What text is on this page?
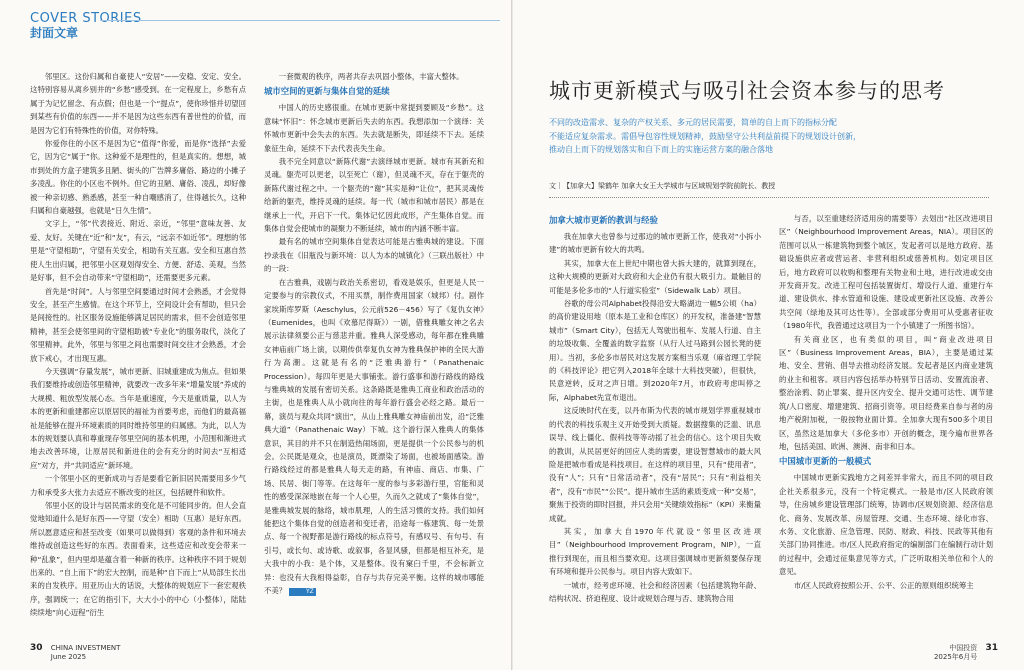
COVER STORIES
封面文章

邻里区。这份归属和自豪使人“安居”——安稳、安定、安全。这特别容易从离乡别井的“乡愁”感受到。在一定程度上，乡愁有点属于为记忆留念、有点假；但也是一个“提点”，使你珍惜并切望回到某些有价值的东西——并不是因为这些东西有普世性的价值，而是因为它们有特殊性的价值，对你特殊。

你爱你住的小区不是因为它“值得”你爱，而是你“选择”去爱它，因为它“属于”你。这种爱不是理性的，但是真实的。想想，城市到处的方盒子建筑多且陋、街头的广告牌多庸俗、路边的小摊子多凌乱。你住的小区也不例外。但它的丑陋、庸俗、凌乱，却好像被一种亲切感、熟悉感，甚至一种自嘲感消了，住得越长久，这种归属和自豪越强，也就是“日久生情”。

文字上，“邻”代表接近、附近、亲近，“邻里”意味友善、友爱、友好。关键在“近”和“友”，有云，“远亲不如近邻”。理想的邻里是“守望相助”，守望有关安全，相助有关互惠。安全和互惠自然使人生出归属，把邻里小区观划得安全、方便、舒适、美观，当然是好事，但不会自动带来“守望相助”，还需要更多元素。

首先是“时间”。人与邻里空间要通过时间才会熟悉，才会觉得安全，甚至产生感情。在这个环节上，空间设计会有帮助，但只会是间接性的。社区服务设施能够满足居民的需求，但不会创造邻里精神，甚至会使邻里间的守望相助被“专业化”的服务取代，淡化了邻里精神。此外，邻里与邻里之间也需要时间交往才会熟悉，才会放下戒心，才出现互惠。

今天强调“存量发展”，城市更新、旧城重建成为焦点。但如果我们要维持或创造邻里精神，就要改一改多年来“增量发展”养成的大规模、粗放型发展心态。当年是重速度，今天是重质量，以人为本的更新和重建都应以原居民的福祉为首要考虑，而他们的最高福祉是能够在提升环境素质的同时维持邻里的归属感。为此，以人为本的规划要认真和尊重现存邻里空间的基本机理，小范围和渐进式地去改善环境，让原居民和新进住的会有充分的时间去“互相适应”对方，并“共同适应”新环境。

一个邻里小区的更新成功与否是要看它新旧居民需要用多少气力和承受多大张力去适应不断改变的社区，包括硬件和软件。

邻里小区的设计与居民需求的变化是不可能同步的。但人会直觉地知道什么是好东西——守望（安全）相助（互惠）是好东西。所以愿意适应和甚至改变（如果可以做得到）客观的条件和环境去维持或创造这些好的东西。表面看来，这些适应和改变会带来一种“乱象”，但内里却是蕴含着一种新的秩序。这种秩序不同于规划出来的、“自上而下”的宏大控制，而是种“自下而上”从局部生长出来的自发秩序。用亚历山大的话说，大整体的规划应下一套宏观秩序，强调统一；在它的指引下，大大小小的中心（小整体），陆陆续续地“向心迈程”衍生

一套微观的秩序，两者共存去巩固小整体，丰富大整体。

城市空间的更新与集体自觉的延续

中国人的历史感很重。在城市更新中常提到要顾及“乡愁”。这意味“怀旧”：怀念城市更新后失去的东西。我想添加一个演绎：关怀城市更新中会失去的东西。失去就是断失，即延续不下去。延续象征生命，延续不下去代表丧失生命。

我不完全同意以“新陈代谢”去演绎城市更新。城市有其新充和灵魂。躯壳可以更老，以至死亡（谢），但灵魂不灭，存在于躯壳的新陈代谢过程之中。一个躯壳的“谢”其实是种“让位”，把其灵魂传给新的躯壳，维持灵魂的延续。每一代（城市和城市居民）都是在继承上一代，开启下一代。集体记忆因此成形，产生集体自觉。而集体自觉会使城市的凝聚力不断延续，城市的内涵不断丰富。

最有名的城市空间集体自觉表达可能是古雅典城的建设。下面抄录我在《旧瓶没与新环境：以人为本的城镇化》（三联出版社）中的一段：

在古雅典，戏剧与政治关系密切，看戏是娱乐，但更是人民一定要参与的宗教仪式，不用买票，制作费用国家（城邦）付。剧作家埃斯库罗斯（Aeschylus，公元前526－456）写了《复仇女神》（Eumenides，也叫《欢慕尼得斯》）一剧，借雅典雕女神之名去展示法律须要公正与慈悲并重。雅典人深受感动，每年都在雅典雕女神庙前广场上演，以期传供奉复仇女神为雅典保护神的全民大游行为高潮。这就是有名的“泛雅典游行”（Panathenaic Procession）。每四年更是大事铺张。游行盛事和游行路线的路线与雅典城的发展有密切关系。这条路既是雅典工商业和政治活动的主街，也是雅典人从小就向往的每年游行盛会必经之路。最后一幕，演员与观众共同“演出”，从山上雅典雕女神庙前出发，沿“泛雅典大道”（Panathenaic Way）下城。这个游行深入雅典人的集体意识，其目的并不只在制造热闹场面，更是提供一个公民参与的机会。公民既是观众，也是演员，既漂染了场面，也被场面感染。游行路线经过的都是雅典人每天走的路，有神庙、商店、市集、广场、民居、街门等等。在这每年一度的参与多彩游行里，官能和灵性的感受深深地嵌在每一个人心里，久而久之就成了“集体自觉”，是雅典城发展的脉络，城市肌理，人的生活习惯的支持。我们如何能把这个集体自觉的创造者和变迁者，沿途每一栋建筑、每一处景点、每一个视野都是游行路线的标点符号，有感叹号、有句号、有引号，或长句、或诗歌、或叙事，各显风骚，但都是相互补充，是大我中的小我：是个体，又是整体。没有窠臼千里，不会标新立异：也没有大我相得益彰，自存与共存完美平衡。这样的城市哪能不美？	YZ

30 CHINA INVESTMENT
June 2025
城市更新模式与吸引社会资本参与的思考
不同的改造需求、复杂的产权关系、多元的居民需要，简单的自上而下的指标分配
不能适应复杂需求。需倡导包容性规划精神，鼓励坚守公共利益前提下的规划设计创新，
推动自上而下的规划落实和自下而上的实施运营方案的融合落地
文｜【加拿大】梁鹤年 加拿大女王大学城市与区域规划学院前院长、教授
加拿大城市更新的教训与经验

我在加拿大也曾参与过那边的城市更新工作，使我对“小拆小建”的城市更新有较大的共鸣。

其实，加拿大在上世纪中期也曾大拆大建的，就算到现在，这种大规模的更新对大政府和大企业仍有很大吸引力。最触目的可能是多伦多市的“人行道实验室”（Sidewalk Lab）项目。

谷歌的母公司Alphabet投得沿安大略湖边一幅5公顷（ha）的高价建设用地（原本是工业和仓库区）的开发权，准备建“智慧城市”（Smart City），包括无人驾驶出租车、发展人行道、自主的垃圾收集、全覆盖的数字监察（从行人过马路到公园长凳的使用）。当初，多伦多市居民对这发展方案相当乐观（麻省理工学院的《科技评论》把它列入2018年全球十大科技突破），但很快，民意逆转，反对之声日增。到2020年7月，市政府考虑叫停之际，Alphabet先宣布退出。

这反映时代在变，以丹布斯为代表的城市规划学界重视城市的代表的科技乐观主义开始受到大质疑。数据搜集的泛滥、讯息误导、线上僵化、假科技等等动摇了社会的信心。这个项目失败的教训，从民居更好的回应人类的需要，建设智慧城市的最大风险是把城市看成是科技项目。在这样的项目里，只有“使用者”，没有“人”；只有“日常活动者”，没有“居民”；只有“利益相关者”，没有“市民”“公民”。提升城市生活的素质变成一种“交易”，聚焦于投资的即时回报，并只会用“关键绩效指标”（KPI）来衡量成就。

其实，加拿大自1970年代就设“邻里区改进项目”（Neighbourhood Improvement Program，NIP），一直推行到现在，而且相当要欢迎。这项目强调城市更新须要保存现有环境和提升公民参与。项目内容大致如下。

一城市，经考虑环境、社会和经济因素（包括建筑物年龄、结构状况、挤迫程度、设计或规划合理与否、建筑物合用

与否，以至重建经济适用房的需要等）去划出“社区改进项目区”（Neighbourhood Improvement Areas，NIA）。项目区的范围可以从一栋建筑物到整个城区，发起者可以是地方政府、基础设施供应者或营运者、非营利组织或慈善机构。划定项目区后，地方政府可以收购和整理有关物业和土地，进行改进或交由开发商开发。改进工程可包括装置街灯、增设行人道、重建行车道、建设供水、排水管道和设施、建设或更新社区设施、改善公共空间（绿地及其可达性等）。全部或部分费用可从受惠者征收（1980年代，我曾通过这项目为一个小镇建了一所图书馆）。

有关商业区，也有类似的项目，叫“商业改进项目区”（Business Improvement Areas，BIA），主要是通过某地、安全、营销、倡导去推动经济发展。发起者是区内商业建筑的业主和租客。项目内容包括举办特别节日活动、安置流浪者、整治涂鸦、防止罪案、提升区内安全、提升交通可达性、调节建筑/人口密度、增建建筑、招商引资等。项目经费来自参与者的房地产税附加税，一般按物业面计算。全加拿大现有500多个项目区，虽然这是加拿大（多伦多市）开创的概念，现今遍布世界各地，包括美国、欧洲、澳洲、南非和日本。

中国城市更新的一般模式

中国城市更新实践地方之间差异非常大，而且不同的项目政企社关系很多元，没有一个特定模式。一般是市/区人民政府领导，住房城乡建设管理部门统筹，协调市/区规划资源、经济信息化、商务、发展改革、房屋管理、交通、生态环境、绿化市容、水务、文化旅游、应急管理、民防、财政、科技、民政等其他有关部门协同推进。市/区人民政府指定的编制部门在编制行动计划的过程中，会通过征集意见等方式，广泛听取相关单位和个人的意见。

市/区人民政府按照公开、公平、公正的原则组织统筹主

中国投资
2025年6月号
31
